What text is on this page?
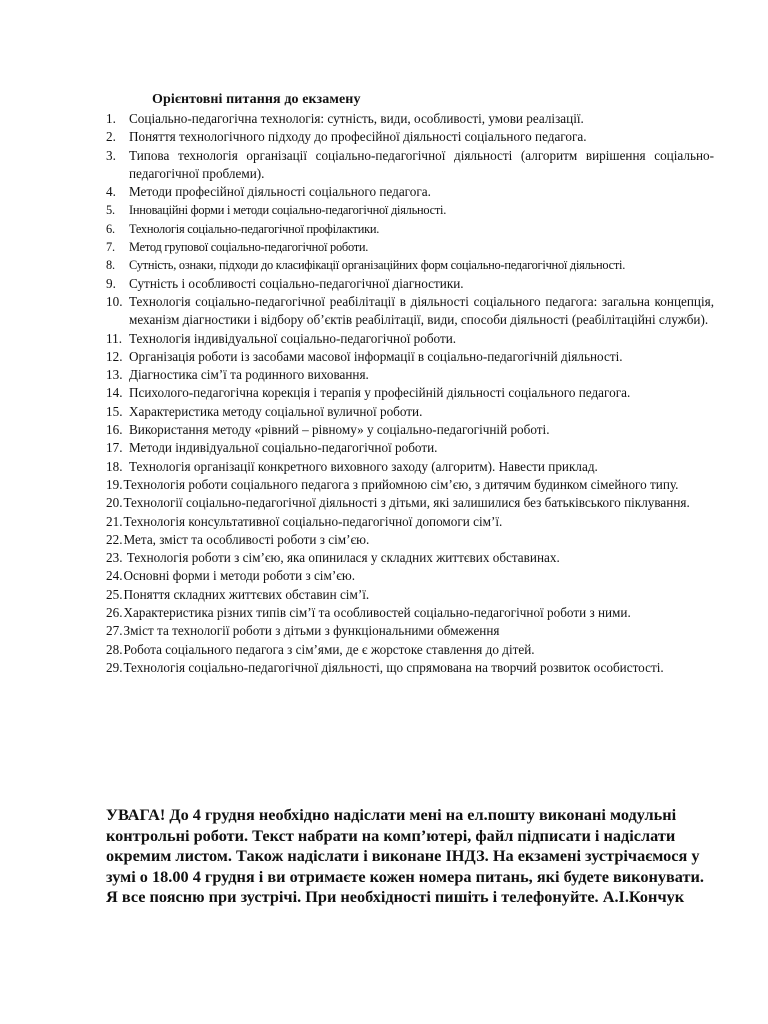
Орієнтовні питання до екзамену
1. Соціально-педагогічна технологія: сутність, види, особливості, умови реалізації.
2. Поняття технологічного підходу до професійної діяльності соціального педагога.
3. Типова технологія організації соціально-педагогічної діяльності (алгоритм вирішення соціально-педагогічної проблеми).
4. Методи професійної діяльності соціального педагога.
5.	Інноваційні форми і методи соціально-педагогічної діяльності.
6.	Технологія соціально-педагогічної профілактики.
7.	Метод групової соціально-педагогічної роботи.
8.	Сутність, ознаки, підходи до класифікації організаційних форм соціально-педагогічної діяльності.
9. Сутність і особливості соціально-педагогічної діагностики.
10. Технологія соціально-педагогічної реабілітації в діяльності соціального педагога: загальна концепція, механізм діагностики і відбору об’єктів реабілітації, види, способи діяльності (реабілітаційні служби).
11. Технологія індивідуальної соціально-педагогічної роботи.
12. Організація роботи із засобами масової інформації в соціально-педагогічній діяльності.
13. Діагностика сім’ї та родинного виховання.
14. Психолого-педагогічна корекція і терапія у професійній діяльності соціального педагога.
15. Характеристика методу соціальної вуличної роботи.
16. Використання методу «рівний – рівному» у соціально-педагогічній роботі.
17. Методи індивідуальної соціально-педагогічної роботи.
18. Технологія організації конкретного виховного заходу (алгоритм). Навести приклад.
19.Технологія роботи соціального педагога з прийомною сім’єю, з дитячим будинком сімейного типу.
20.Технології соціально-педагогічної діяльності з дітьми, які залишилися без батьківського піклування.
21.Технологія консультативної соціально-педагогічної допомоги сім’ї.
22.Мета, зміст та особливості роботи з сім’єю.
23. Технологія роботи з сім’єю, яка опинилася у складних життєвих обставинах.
24.Основні форми і методи роботи з сім’єю.
25.Поняття складних життєвих обставин сім’ї.
26.Характеристика різних типів сім’ї та особливостей соціально-педагогічної роботи з ними.
27.Зміст та технології роботи з дітьми з функціональними обмеження
28.Робота соціального педагога з сім’ями, де є жорстоке ставлення до дітей.
29.Технологія соціально-педагогічної діяльності, що спрямована на творчий розвиток особистості.

УВАГА! До 4 грудня необхідно надіслати мені на ел.пошту виконані модульні контрольні роботи. Текст набрати на комп’ютері, файл підписати і надіслати окремим листом. Також надіслати і виконане ІНДЗ. На екзамені зустрічаємося у зумі о 18.00 4 грудня і ви отримаєте кожен номера питань, які будете виконувати. Я все поясню при зустрічі. При необхідності пишіть і телефонуйте. А.І.Кончук
